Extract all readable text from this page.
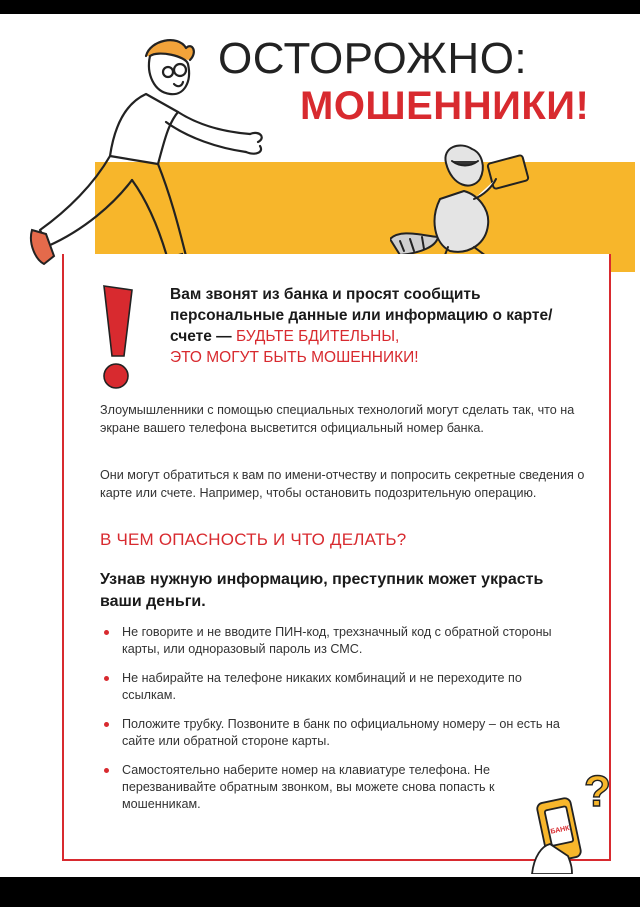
ОСТОРОЖНО:
МОШЕННИКИ!
Вам звонят из банка и просят сообщить персональные данные или информацию о карте/счете — БУДЬТЕ БДИТЕЛЬНЫ,
ЭТО МОГУТ БЫТЬ МОШЕННИКИ!

Злоумышленники с помощью специальных технологий могут сделать так, что на экране вашего телефона высветится официальный номер банка.

Они могут обратиться к вам по имени-отчеству и попросить секретные сведения о карте или счете. Например, чтобы остановить подозрительную операцию.

В ЧЕМ ОПАСНОСТЬ И ЧТО ДЕЛАТЬ?
Узнав нужную информацию, преступник может украсть ваши деньги.
Не говорите и не вводите ПИН-код, трехзначный код с обратной стороны карты, или одноразовый пароль из СМС.
Не набирайте на телефоне никаких комбинаций и не переходите по ссылкам.
Положите трубку. Позвоните в банк по официальному номеру – он есть на сайте или обратной стороне карты.
Самостоятельно наберите номер на клавиатуре телефона. Не перезванивайте обратным звонком, вы можете снова попасть к мошенникам.	?
БАНК
